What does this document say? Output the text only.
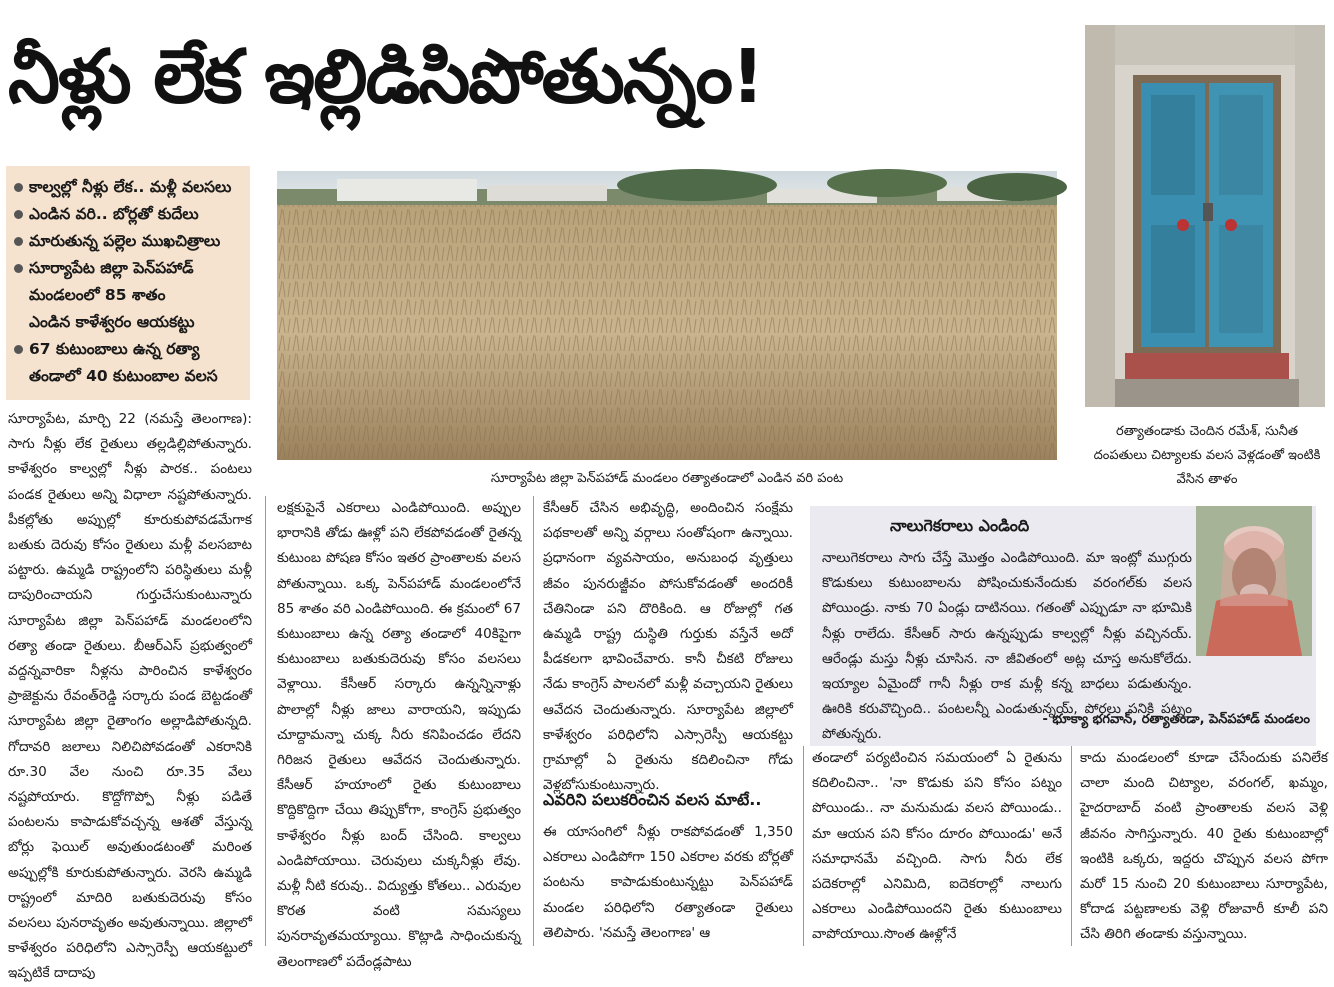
నీళ్లు లేక ఇల్లిడిసిపోతున్నం!
కాల్వల్లో నీళ్లు లేక.. మళ్లీ వలసలు
ఎండిన వరి.. బోర్లతో కుదేలు
మారుతున్న పల్లెల ముఖచిత్రాలు
సూర్యాపేట జిల్లా పెన్‌పహాడ్
మండలంలో 85 శాతం
ఎండిన కాళేశ్వరం ఆయకట్టు
67 కుటుంబాలు ఉన్న రత్యా
తండాలో 40 కుటుంబాల వలస
సూర్యాపేట జిల్లా పెన్‌పహాడ్ మండలం రత్యాతండాలో ఎండిన వరి పంట
రత్యాతండాకు చెందిన రమేశ్, సునీత దంపతులు చిట్యాలకు వలస వెళ్లడంతో ఇంటికి వేసిన తాళం
సూర్యాపేట, మార్చి 22 (నమస్తే తెలంగాణ): సాగు నీళ్లు లేక రైతులు తల్లడిల్లిపోతున్నారు. కాళేశ్వరం కాల్వల్లో నీళ్లు పారక.. పంటలు పండక రైతులు అన్ని విధాలా నష్టపోతున్నారు. పీకల్లోతు అప్పుల్లో కూరుకుపోవడమేగాక బతుకు దెరువు కోసం రైతులు మళ్లీ వలసబాట పట్టారు. ఉమ్మడి రాష్ట్రంలోని పరిస్థితులు మళ్లీ దాపురించాయని గుర్తుచేసుకుంటున్నారు సూర్యాపేట జిల్లా పెన్‌పహాడ్ మండలంలోని రత్యా తండా రైతులు. బీఆర్‌ఎస్ ప్రభుత్వంలో వద్దన్నవారికా నీళ్లను పారించిన కాళేశ్వరం ప్రాజెక్టును రేవంత్‌రెడ్డి సర్కారు పండ బెట్టడంతో సూర్యాపేట జిల్లా రైతాంగం అల్లాడిపోతున్నది. గోదావరి జలాలు నిలిచిపోవడంతో ఎకరానికి రూ.30 వేల నుంచి రూ.35 వేలు నష్టపోయారు. కొద్దోగొప్పో నీళ్లు పడితే పంటలను కాపాడుకోవచ్చన్న ఆశతో వేస్తున్న బోర్లు ఫెయిల్ అవుతుండటంతో మరింత అప్పుల్లోకి కూరుకుపోతున్నారు. వెరసి ఉమ్మడి రాష్ట్రంలో మాదిరి బతుకుదెరువు కోసం వలసలు పునరావృతం అవుతున్నాయి. జిల్లాలో కాళేశ్వరం పరిధిలోని ఎస్సారెస్పీ ఆయకట్టులో ఇప్పటికే దాదాపు
లక్షకుపైనే ఎకరాలు ఎండిపోయింది. అప్పుల భారానికి తోడు ఊళ్లో పని లేకపోవడంతో రైతన్న కుటుంబ పోషణ కోసం ఇతర ప్రాంతాలకు వలస పోతున్నాయి. ఒక్క పెన్‌పహాడ్ మండలంలోనే 85 శాతం వరి ఎండిపోయింది. ఈ క్రమంలో 67 కుటుంబాలు ఉన్న రత్యా తండాలో 40కిపైగా కుటుంబాలు బతుకుదెరువు కోసం వలసలు వెళ్లాయి. కేసీఆర్ సర్కారు ఉన్నన్నినాళ్లు పొలాల్లో నీళ్లు జాలు వారాయని, ఇప్పుడు చూద్దామన్నా చుక్క నీరు కనిపించడం లేదని గిరిజన రైతులు ఆవేదన చెందుతున్నారు. కేసీఆర్ హయాంలో రైతు కుటుంబాలు కొద్దికొద్దిగా చేయి తిప్పుకోగా, కాంగ్రెస్ ప్రభుత్వం కాళేశ్వరం నీళ్లు బంద్ చేసింది. కాల్వలు ఎండిపోయాయి. చెరువులు చుక్కనీళ్లు లేవు. మళ్లీ నీటి కరువు.. విద్యుత్తు కోతలు.. ఎరువుల కొరత వంటి సమస్యలు పునరావృతమయ్యాయి. కొట్లాడి సాధించుకున్న తెలంగాణలో పదేండ్లపాటు
కేసీఆర్ చేసిన అభివృద్ధి, అందించిన సంక్షేమ పథకాలతో అన్ని వర్గాలు సంతోషంగా ఉన్నాయి. ప్రధానంగా వ్యవసాయం, అనుబంధ వృత్తులు జీవం పునరుజ్జీవం పోసుకోవడంతో అందరికీ చేతినిండా పని దొరికింది. ఆ రోజుల్లో గత ఉమ్మడి రాష్ట్ర దుస్థితి గుర్తుకు వస్తేనే అదో పీడకలగా భావించేవారు. కానీ చీకటి రోజులు నేడు కాంగ్రెస్ పాలనలో మళ్లీ వచ్చాయని రైతులు ఆవేదన చెందుతున్నారు. సూర్యాపేట జిల్లాలో కాళేశ్వరం పరిధిలోని ఎస్సారెస్పీ ఆయకట్టు గ్రామాల్లో ఏ రైతును కదిలించినా గోడు వెళ్లబోసుకుంటున్నారు.
ఎవరిని పలుకరించిన వలస మాటే..
ఈ యాసంగిలో నీళ్లు రాకపోవడంతో 1,350 ఎకరాలు ఎండిపోగా 150 ఎకరాల వరకు బోర్లతో పంటను కాపాడుకుంటున్నట్టు పెన్‌పహాడ్ మండల పరిధిలోని రత్యాతండా రైతులు తెలిపారు. 'నమస్తే తెలంగాణ' ఆ
నాలుగెకరాలు ఎండింది
నాలుగెకరాలు సాగు చేస్తే మొత్తం ఎండిపోయింది. మా ఇంట్లో ముగ్గురు కొడుకులు కుటుంబాలను పోషించుకునేందుకు వరంగల్‌కు వలస పోయిండ్రు. నాకు 70 ఏండ్లు దాటినయి. గతంతో ఎప్పుడూ నా భూమికి నీళ్లు రాలేదు. కేసీఆర్ సారు ఉన్నప్పుడు కాల్వల్లో నీళ్లు వచ్చినయ్. ఆరేండ్లు మస్తు నీళ్లు చూసిన. నా జీవితంలో అట్ల చూస్త అనుకోలేదు. ఇయ్యాల ఏమైందో గానీ నీళ్లు రాక మళ్లీ కన్న బాధలు పడుతున్నం. ఊరికి కరువొచ్చింది.. పంటలన్నీ ఎండుతున్నయ్, పోరలు పనికి పట్నం పోతున్నరు.
- భూక్యా భగవాన్, రత్యాతండా, పెన్‌పహాడ్ మండలం
తండాలో పర్యటించిన సమయంలో ఏ రైతును కదిలించినా.. 'నా కొడుకు పని కోసం పట్నం పోయిండు.. నా మనుమడు వలస పోయిండు.. మా ఆయన పని కోసం దూరం పోయిండు' అనే సమాధానమే వచ్చింది. సాగు నీరు లేక పదెకరాల్లో ఎనిమిది, ఐదెకరాల్లో నాలుగు ఎకరాలు ఎండిపోయిందని రైతు కుటుంబాలు వాపోయాయి.సొంత ఊళ్లోనే
కాదు మండలంలో కూడా చేసేందుకు పనిలేక చాలా మంది చిట్యాల, వరంగల్, ఖమ్మం, హైదరాబాద్ వంటి ప్రాంతాలకు వలస వెళ్లి జీవనం సాగిస్తున్నారు. 40 రైతు కుటుంబాల్లో ఇంటికి ఒక్కరు, ఇద్దరు చొప్పున వలస పోగా మరో 15 నుంచి 20 కుటుంబాలు సూర్యాపేట, కోదాడ పట్టణాలకు వెళ్లి రోజువారీ కూలీ పని చేసి తిరిగి తండాకు వస్తున్నాయి.
